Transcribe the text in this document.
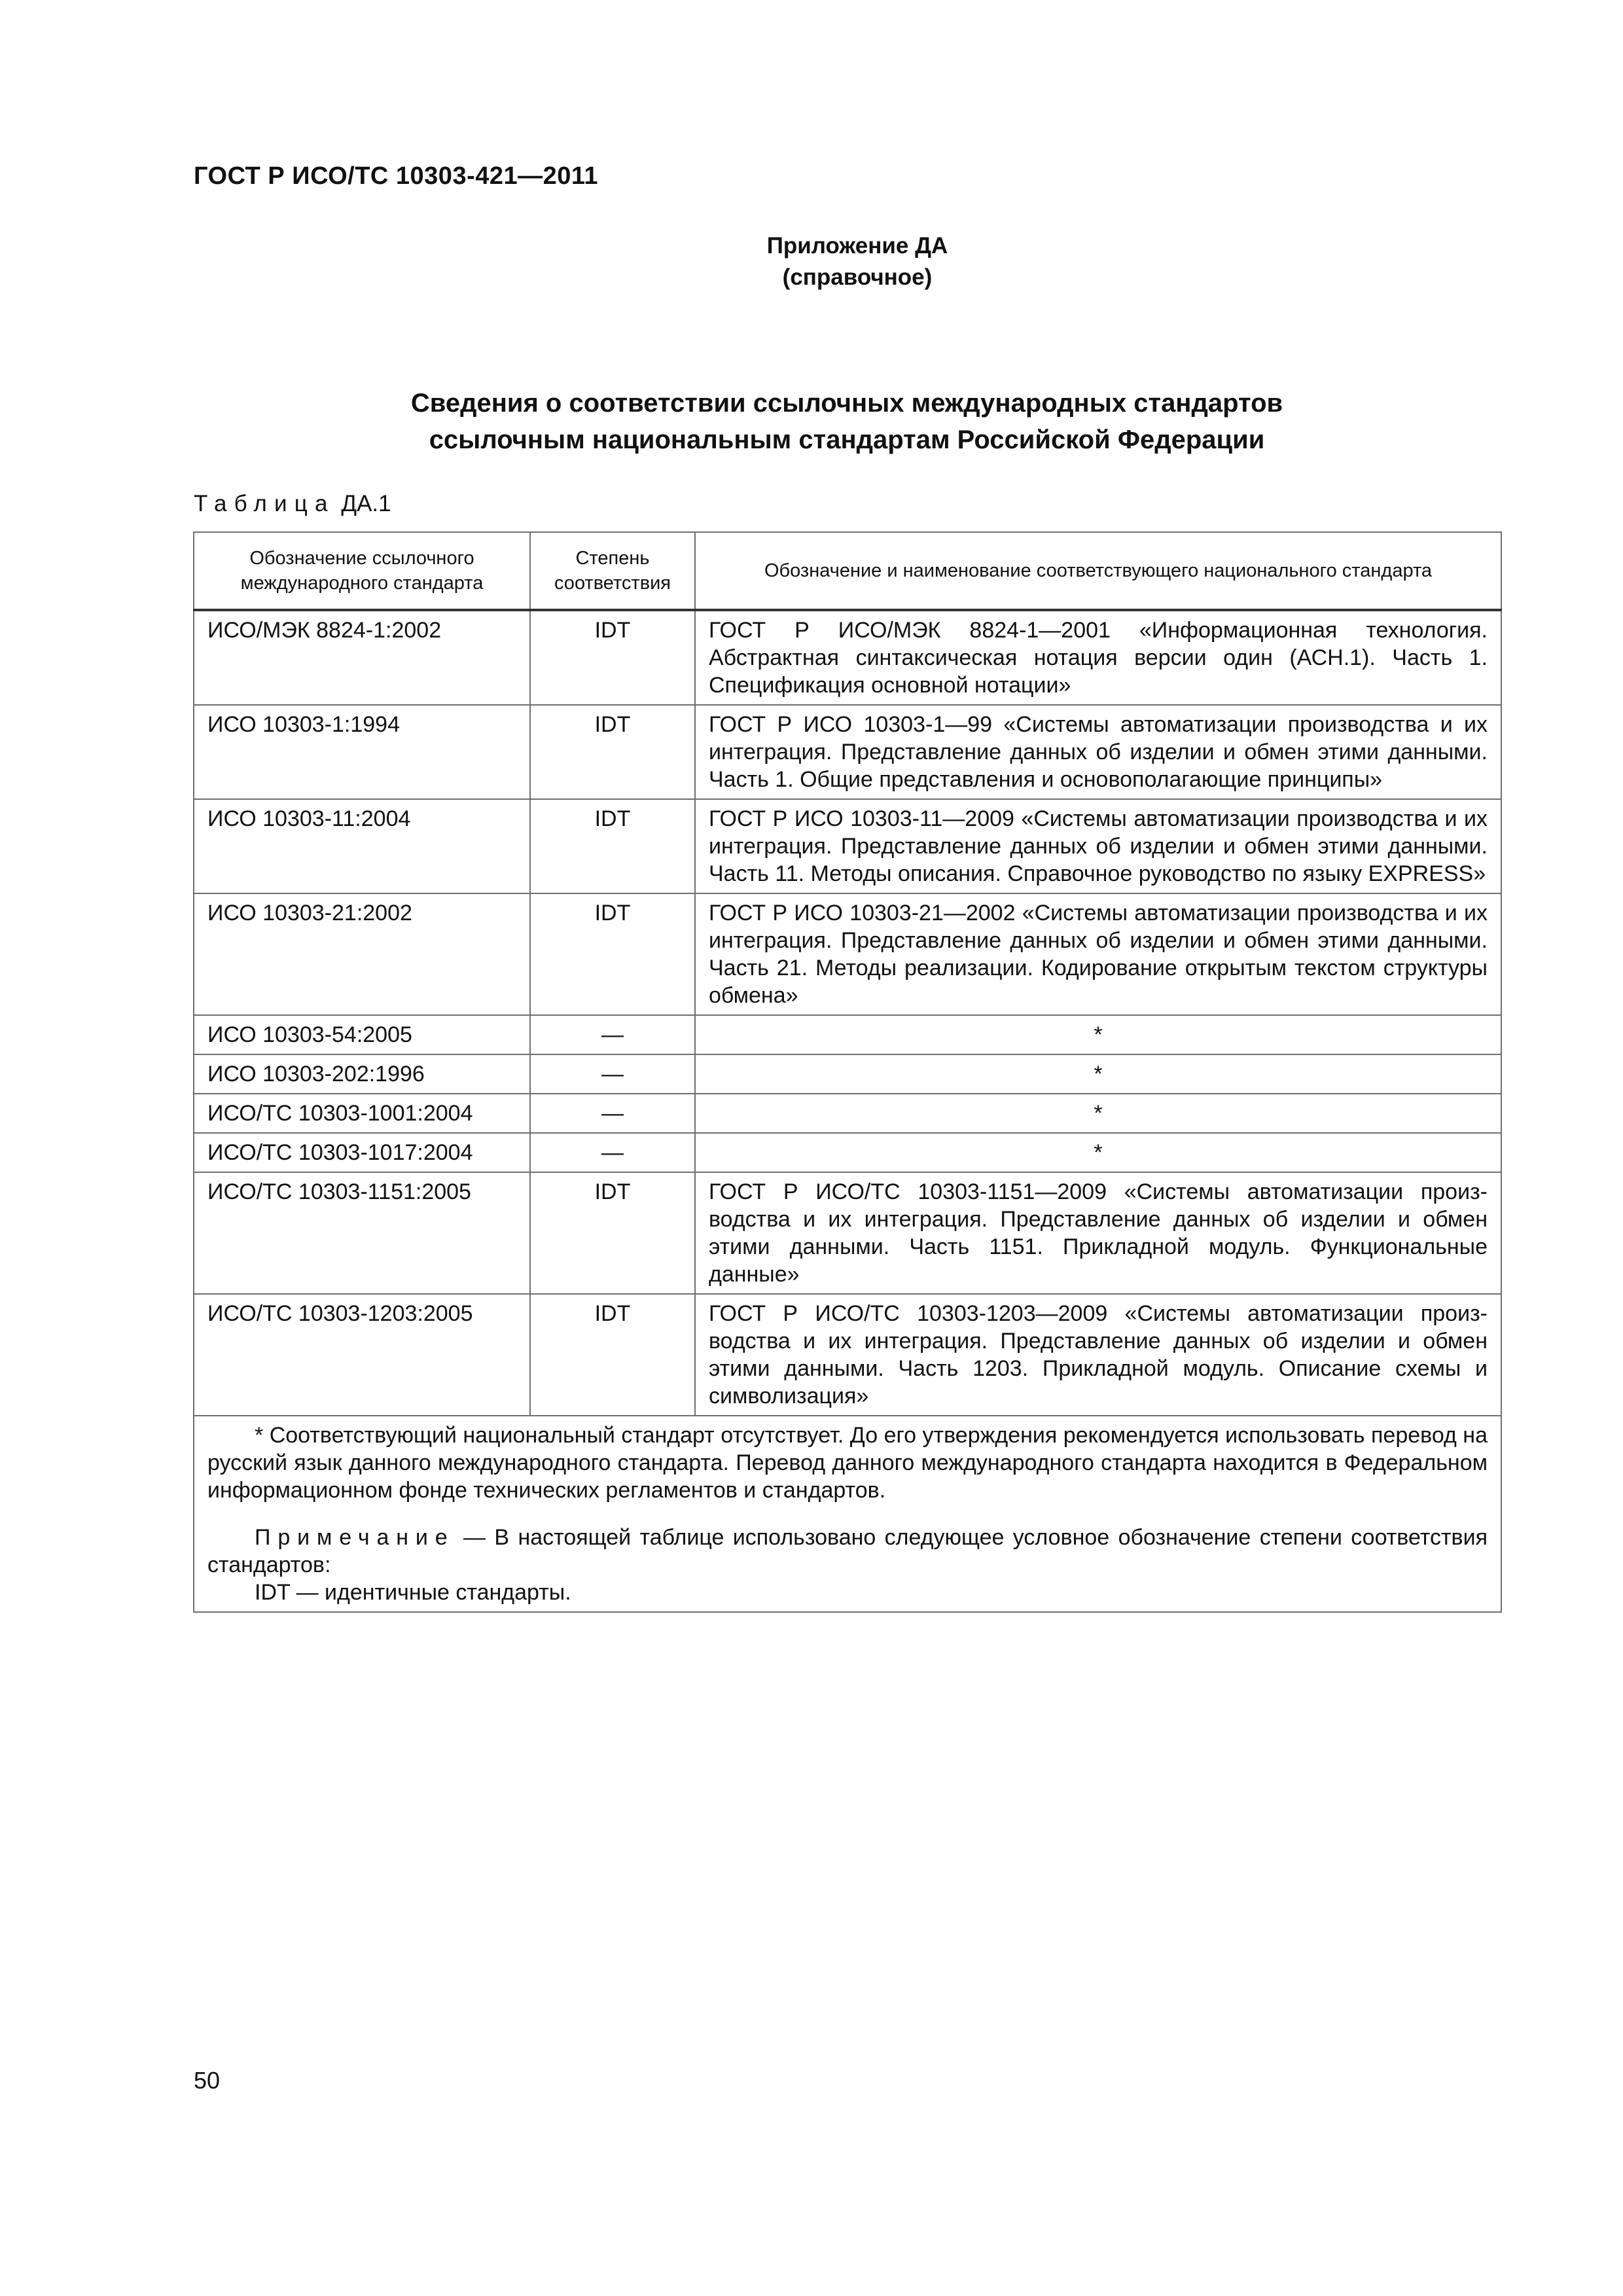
ГОСТ Р ИСО/ТС 10303-421—2011
Приложение ДА
(справочное)
Сведения о соответствии ссылочных международных стандартов
ссылочным национальным стандартам Российской Федерации
Таблица ДА.1
Обозначение ссылочного международного стандарта	Степень соответствия	Обозначение и наименование соответствующего национального стандарта
ИСО/МЭК 8824-1:2002	IDT	ГОСТ Р ИСО/МЭК 8824-1—2001 «Информационная технология. Абстрактная синтаксическая нотация версии один (АСН.1). Часть 1. Спецификация основной нотации»
ИСО 10303-1:1994	IDT	ГОСТ Р ИСО 10303-1—99 «Системы автоматизации производства и их интеграция. Представление данных об изделии и обмен этими данными. Часть 1. Общие представления и основополагающие принципы»
ИСО 10303-11:2004	IDT	ГОСТ Р ИСО 10303-11—2009 «Системы автоматизации производства и их интеграция. Представление данных об изделии и обмен этими данными. Часть 11. Методы описания. Справочное руководство по языку EXPRESS»
ИСО 10303-21:2002	IDT	ГОСТ Р ИСО 10303-21—2002 «Системы автоматизации производства и их интеграция. Представление данных об изделии и обмен этими данными. Часть 21. Методы реализации. Кодирование открытым текстом структуры обмена»
ИСО 10303-54:2005	—	*
ИСО 10303-202:1996	—	*
ИСО/ТС 10303-1001:2004	—	*
ИСО/ТС 10303-1017:2004	—	*
ИСО/ТС 10303-1151:2005	IDT	ГОСТ Р ИСО/ТС 10303-1151—2009 «Системы автоматизации производства и их интеграция. Представление данных об изделии и обмен этими данными. Часть 1151. Прикладной модуль. Функциональные данные»
ИСО/ТС 10303-1203:2005	IDT	ГОСТ Р ИСО/ТС 10303-1203—2009 «Системы автоматизации производства и их интеграция. Представление данных об изделии и обмен этими данными. Часть 1203. Прикладной модуль. Описание схемы и символизация»

* Соответствующий национальный стандарт отсутствует. До его утверждения рекомендуется использовать перевод на русский язык данного международного стандарта. Перевод данного международного стандарта находится в Федеральном информационном фонде технических регламентов и стандартов.

Примечание — В настоящей таблице использовано следующее условное обозначение степени соответствия стандартов:

IDT — идентичные стандарты.		

50
